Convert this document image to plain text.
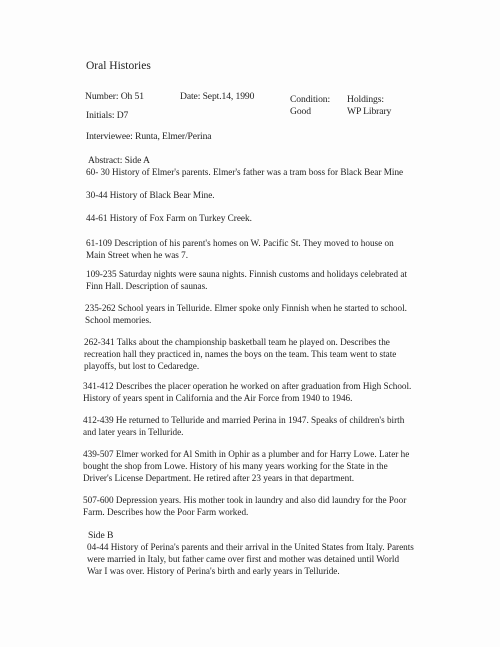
Oral Histories
Number: Oh 51	Date: Sept.14, 1990	Condition:
Good
Holdings:
WP Library
Initials: D7
Interviewee: Runta, Elmer/Perina
Abstract: Side A
60- 30 History of Elmer's parents. Elmer's father was a tram boss for Black Bear Mine
30-44 History of Black Bear Mine.
44-61 History of Fox Farm on Turkey Creek.
61-109 Description of his parent's homes on W. Pacific St. They moved to house on
Main Street when he was 7.
109-235 Saturday nights were sauna nights. Finnish customs and holidays celebrated at
Finn Hall. Description of saunas.
235-262 School years in Telluride. Elmer spoke only Finnish when he started to school.
School memories.
262-341 Talks about the championship basketball team he played on. Describes the
recreation hall they practiced in, names the boys on the team. This team went to state
playoffs, but lost to Cedaredge.
341-412 Describes the placer operation he worked on after graduation from High School.
History of years spent in California and the Air Force from 1940 to 1946.
412-439 He returned to Telluride and married Perina in 1947. Speaks of children's birth
and later years in Telluride.
439-507 Elmer worked for Al Smith in Ophir as a plumber and for Harry Lowe. Later he
bought the shop from Lowe. History of his many years working for the State in the
Driver's License Department. He retired after 23 years in that department.
507-600 Depression years. His mother took in laundry and also did laundry for the Poor
Farm. Describes how the Poor Farm worked.
Side B
04-44 History of Perina's parents and their arrival in the United States from Italy. Parents
were married in Italy, but father came over first and mother was detained until World
War I was over. History of Perina's birth and early years in Telluride.
